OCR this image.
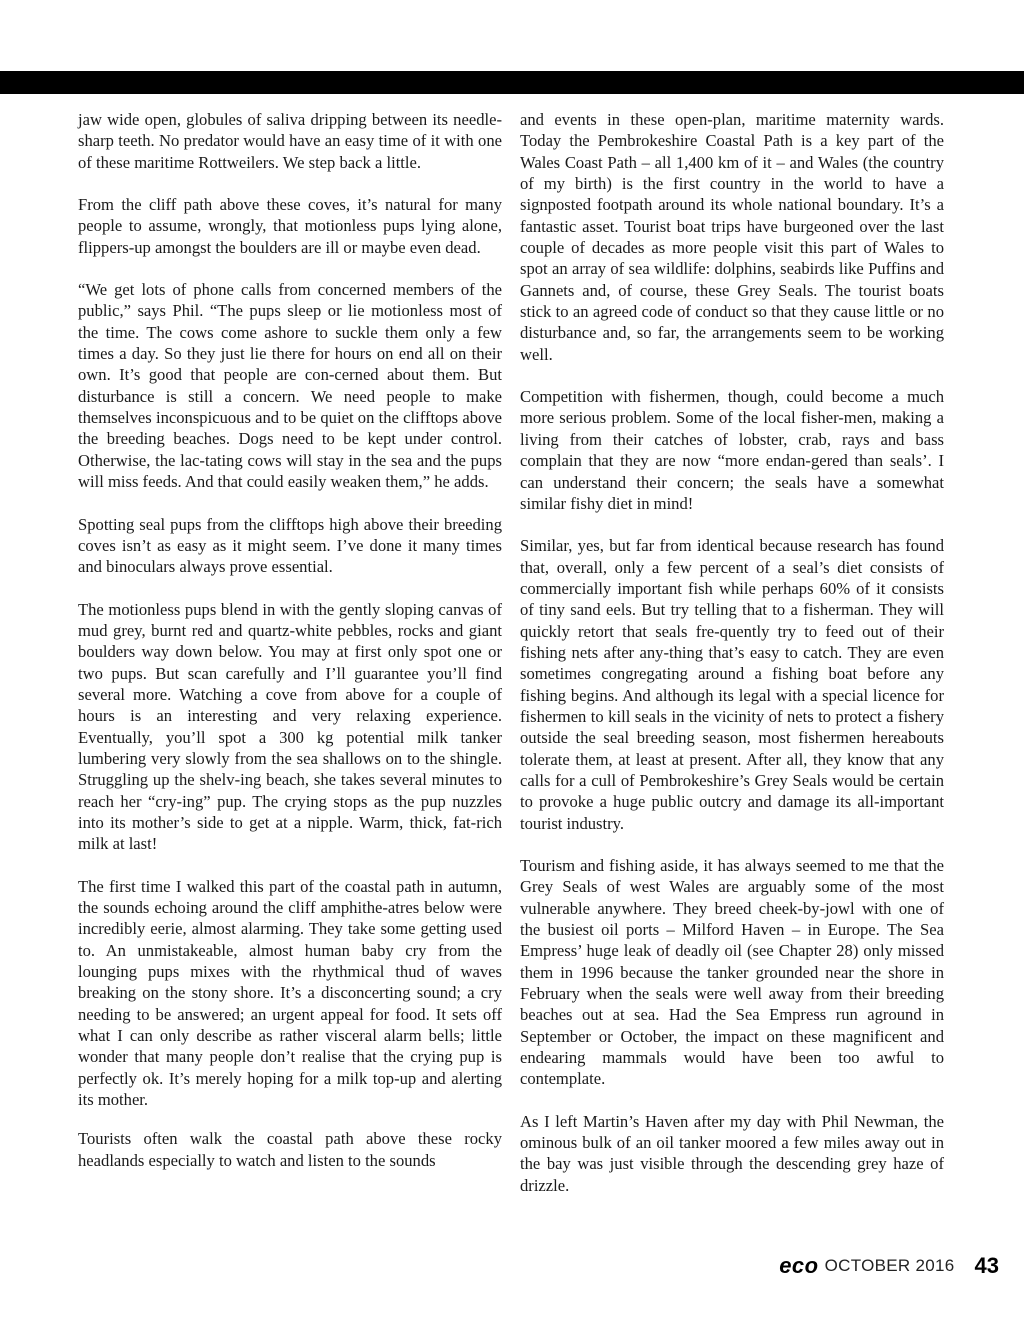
jaw wide open, globules of saliva dripping between its needle-sharp teeth. No predator would have an easy time of it with one of these maritime Rottweilers. We step back a little.

From the cliff path above these coves, it’s natural for many people to assume, wrongly, that motionless pups lying alone, flippers-up amongst the boulders are ill or maybe even dead.

“We get lots of phone calls from concerned members of the public,” says Phil. “The pups sleep or lie motionless most of the time. The cows come ashore to suckle them only a few times a day. So they just lie there for hours on end all on their own. It’s good that people are con-cerned about them. But disturbance is still a concern. We need people to make themselves inconspicuous and to be quiet on the clifftops above the breeding beaches. Dogs need to be kept under control. Otherwise, the lac-tating cows will stay in the sea and the pups will miss feeds. And that could easily weaken them,” he adds.

Spotting seal pups from the clifftops high above their breeding coves isn’t as easy as it might seem. I’ve done it many times and binoculars always prove essential.

The motionless pups blend in with the gently sloping canvas of mud grey, burnt red and quartz-white pebbles, rocks and giant boulders way down below. You may at first only spot one or two pups. But scan carefully and I’ll guarantee you’ll find several more. Watching a cove from above for a couple of hours is an interesting and very relaxing experience. Eventually, you’ll spot a 300 kg potential milk tanker lumbering very slowly from the sea shallows on to the shingle. Struggling up the shelv-ing beach, she takes several minutes to reach her “cry-ing” pup. The crying stops as the pup nuzzles into its mother’s side to get at a nipple. Warm, thick, fat-rich milk at last!

The first time I walked this part of the coastal path in autumn, the sounds echoing around the cliff amphithe-atres below were incredibly eerie, almost alarming. They take some getting used to. An unmistakeable, almost human baby cry from the lounging pups mixes with the rhythmical thud of waves breaking on the stony shore. It’s a disconcerting sound; a cry needing to be answered; an urgent appeal for food. It sets off what I can only describe as rather visceral alarm bells; little wonder that many people don’t realise that the crying pup is perfectly ok. It’s merely hoping for a milk top-up and alerting its mother.

Tourists often walk the coastal path above these rocky headlands especially to watch and listen to the sounds

and events in these open-plan, maritime maternity wards. Today the Pembrokeshire Coastal Path is a key part of the Wales Coast Path – all 1,400 km of it – and Wales (the country of my birth) is the first country in the world to have a signposted footpath around its whole national boundary. It’s a fantastic asset. Tourist boat trips have burgeoned over the last couple of decades as more people visit this part of Wales to spot an array of sea wildlife: dolphins, seabirds like Puffins and Gannets and, of course, these Grey Seals. The tourist boats stick to an agreed code of conduct so that they cause little or no disturbance and, so far, the arrangements seem to be working well.

Competition with fishermen, though, could become a much more serious problem. Some of the local fisher-men, making a living from their catches of lobster, crab, rays and bass complain that they are now “more endan-gered than seals’. I can understand their concern; the seals have a somewhat similar fishy diet in mind!

Similar, yes, but far from identical because research has found that, overall, only a few percent of a seal’s diet consists of commercially important fish while perhaps 60% of it consists of tiny sand eels. But try telling that to a fisherman. They will quickly retort that seals fre-quently try to feed out of their fishing nets after any-thing that’s easy to catch. They are even sometimes congregating around a fishing boat before any fishing begins. And although its legal with a special licence for fishermen to kill seals in the vicinity of nets to protect a fishery outside the seal breeding season, most fishermen hereabouts tolerate them, at least at present. After all, they know that any calls for a cull of Pembrokeshire’s Grey Seals would be certain to provoke a huge public outcry and damage its all-important tourist industry.

Tourism and fishing aside, it has always seemed to me that the Grey Seals of west Wales are arguably some of the most vulnerable anywhere. They breed cheek-by-jowl with one of the busiest oil ports – Milford Haven – in Europe. The Sea Empress’ huge leak of deadly oil (see Chapter 28) only missed them in 1996 because the tanker grounded near the shore in February when the seals were well away from their breeding beaches out at sea. Had the Sea Empress run aground in September or October, the impact on these magnificent and endearing mammals would have been too awful to contemplate.

As I left Martin’s Haven after my day with Phil Newman, the ominous bulk of an oil tanker moored a few miles away out in the bay was just visible through the descending grey haze of drizzle.

eco OCTOBER 2016 43
